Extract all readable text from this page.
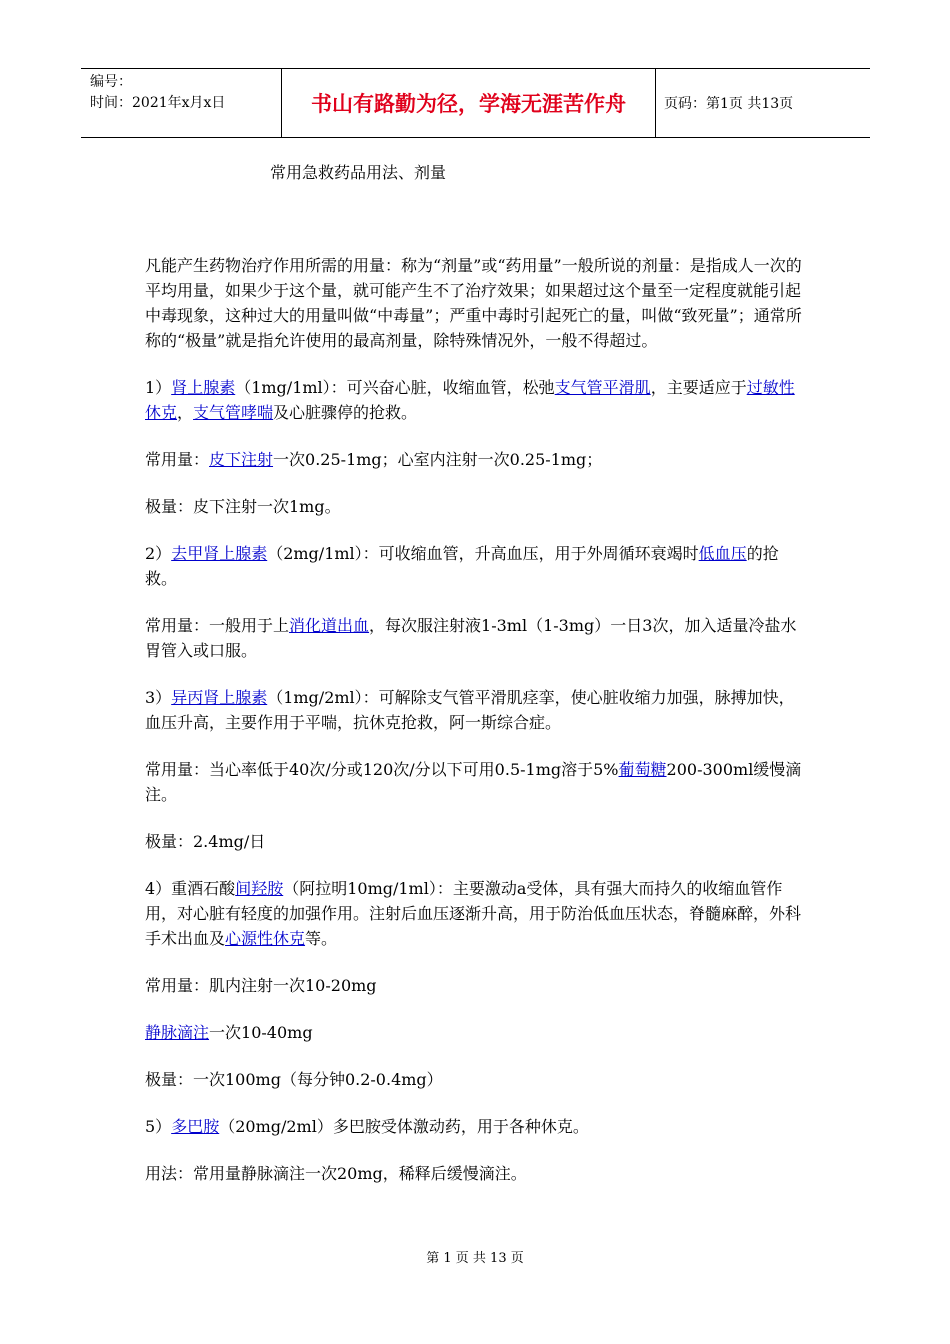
编号：
时间：2021年x月x日	书山有路勤为径，学海无涯苦作舟	页码：第1页 共13页
常用急救药品用法、剂量

凡能产生药物治疗作用所需的用量：称为“剂量”或“药用量”一般所说的剂量：是指成人一次的平均用量，如果少于这个量，就可能产生不了治疗效果；如果超过这个量至一定程度就能引起中毒现象，这种过大的用量叫做“中毒量”；严重中毒时引起死亡的量，叫做“致死量”；通常所称的“极量”就是指允许使用的最高剂量，除特殊情况外，一般不得超过。

1）肾上腺素（1mg/1ml）：可兴奋心脏，收缩血管，松弛支气管平滑肌，主要适应于过敏性休克，支气管哮喘及心脏骤停的抢救。

常用量：皮下注射一次0.25-1mg；心室内注射一次0.25-1mg；

极量：皮下注射一次1mg。

2）去甲肾上腺素（2mg/1ml）：可收缩血管，升高血压，用于外周循环衰竭时低血压的抢救。

常用量：一般用于上消化道出血，每次服注射液1-3ml（1-3mg）一日3次，加入适量冷盐水胃管入或口服。

3）异丙肾上腺素（1mg/2ml）：可解除支气管平滑肌痉挛，使心脏收缩力加强，脉搏加快，血压升高，主要作用于平喘，抗休克抢救，阿一斯综合症。

常用量：当心率低于40次/分或120次/分以下可用0.5-1mg溶于5%葡萄糖200-300ml缓慢滴注。

极量：2.4mg/日

4）重酒石酸间羟胺（阿拉明10mg/1ml）：主要激动a受体，具有强大而持久的收缩血管作用，对心脏有轻度的加强作用。注射后血压逐渐升高，用于防治低血压状态，脊髓麻醉，外科手术出血及心源性休克等。

常用量：肌内注射一次10-20mg

静脉滴注一次10-40mg

极量：一次100mg（每分钟0.2-0.4mg）

5）多巴胺（20mg/2ml）多巴胺受体激动药，用于各种休克。

用法：常用量静脉滴注一次20mg，稀释后缓慢滴注。

第 1 页 共 13 页
